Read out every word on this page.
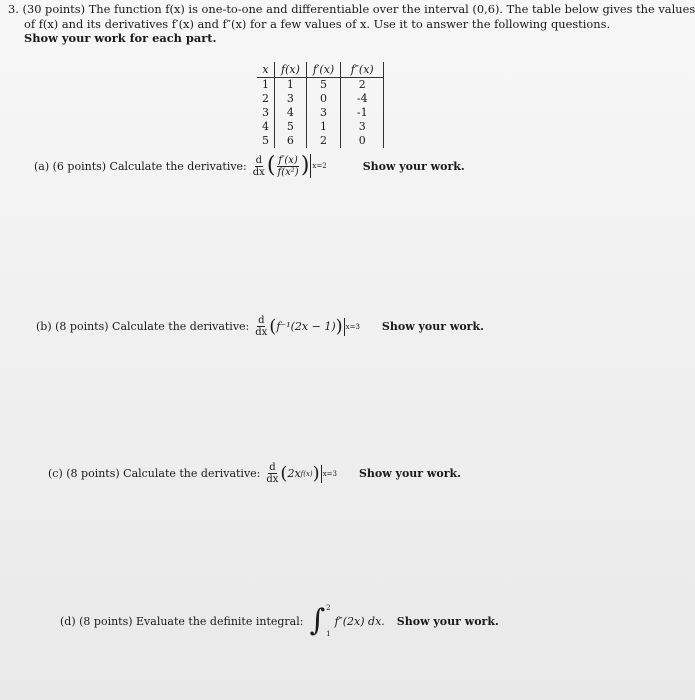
3. (30 points) The function f(x) is one-to-one and differentiable over the interval (0,6). The table below gives the values
of f(x) and its derivatives f′(x) and f″(x) for a few values of x. Use it to answer the following questions.
Show your work for each part.
x	f(x)	f′(x)	f″(x)
1	1	5	2
2	3	0	-4
3	4	3	-1
4	5	1	3
5	6	2	0
(a) (6 points) Calculate the derivative: $\frac{d}{dx}$ ( $\frac{f'(x)}{\text{f(x²)}}$ ) x=2	Show your work.
(b) (8 points) Calculate the derivative: $\frac{d}{dx}$ ( f⁻¹(2x − 1) ) x=3 Show your work.
(c) (8 points) Calculate the derivative: $\frac{d}{dx}$ ( 2x f(x) ) x=3 Show your work.
(d) (8 points) Evaluate the definite integral: ∫ 2
1
f″(2x) dx. Show your work.
